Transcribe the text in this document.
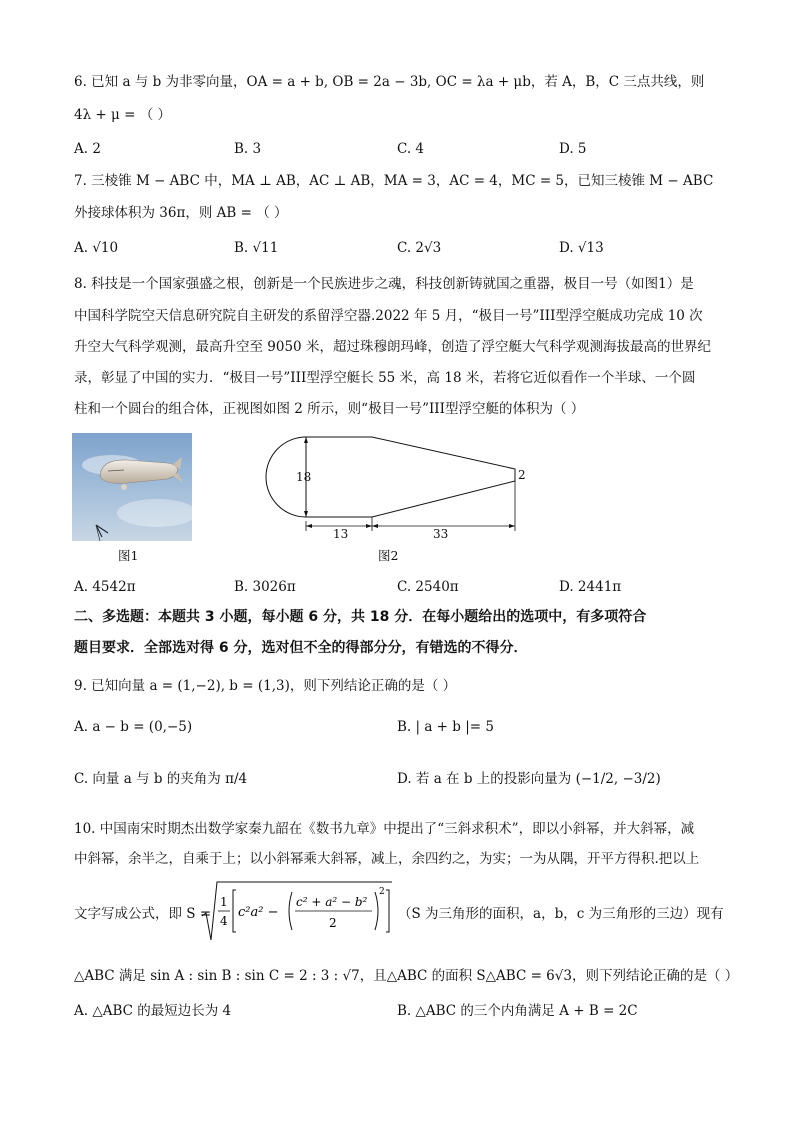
6. 已知 a 与 b 为非零向量，OA = a + b, OB = 2a − 3b, OC = λa + μb，若 A，B，C 三点共线，则
4λ + μ = （ ）
A. 2	B. 3	C. 4	D. 5
7. 三棱锥 M − ABC 中，MA ⊥ AB，AC ⊥ AB，MA = 3，AC = 4，MC = 5，已知三棱锥 M − ABC
外接球体积为 36π，则 AB = （ ）
A. √10	B. √11	C. 2√3	D. √13
8. 科技是一个国家强盛之根，创新是一个民族进步之魂，科技创新铸就国之重器，极目一号（如图1）是
中国科学院空天信息研究院自主研发的系留浮空器.2022 年 5 月，“极目一号”III型浮空艇成功完成 10 次
升空大气科学观测，最高升空至 9050 米，超过珠穆朗玛峰，创造了浮空艇大气科学观测海拔最高的世界纪
录，彰显了中国的实力．“极目一号”III型浮空艇长 55 米，高 18 米，若将它近似看作一个半球、一个圆
柱和一个圆台的组合体，正视图如图 2 所示，则“极目一号”III型浮空艇的体积为（ ）
图1
18	2
13	33
图2
A. 4542π	B. 3026π	C. 2540π	D. 2441π
二、多选题：本题共 3 小题，每小题 6 分，共 18 分．在每小题给出的选项中，有多项符合
题目要求．全部选对得 6 分，选对但不全的得部分分，有错选的不得分．
9. 已知向量 a = (1,−2), b = (1,3)，则下列结论正确的是（ ）
A. a − b = (0,−5)	B. | a + b |= 5
C. 向量 a 与 b 的夹角为 π/4	D. 若 a 在 b 上的投影向量为 (−1/2, −3/2)
10. 中国南宋时期杰出数学家秦九韶在《数书九章》中提出了“三斜求积术”，即以小斜幂，并大斜幂，减
中斜幂，余半之，自乘于上；以小斜幂乘大斜幂，减上，余四约之，为实；一为从隅，开平方得积.把以上
文字写成公式，即 S =
1
4
c²a² −
c² + a² − b²
2
2
（S 为三角形的面积，a，b，c 为三角形的三边）现有
△ABC 满足 sin A : sin B : sin C = 2 : 3 : √7，且△ABC 的面积 S△ABC = 6√3，则下列结论正确的是（ ）
A. △ABC 的最短边长为 4	B. △ABC 的三个内角满足 A + B = 2C
